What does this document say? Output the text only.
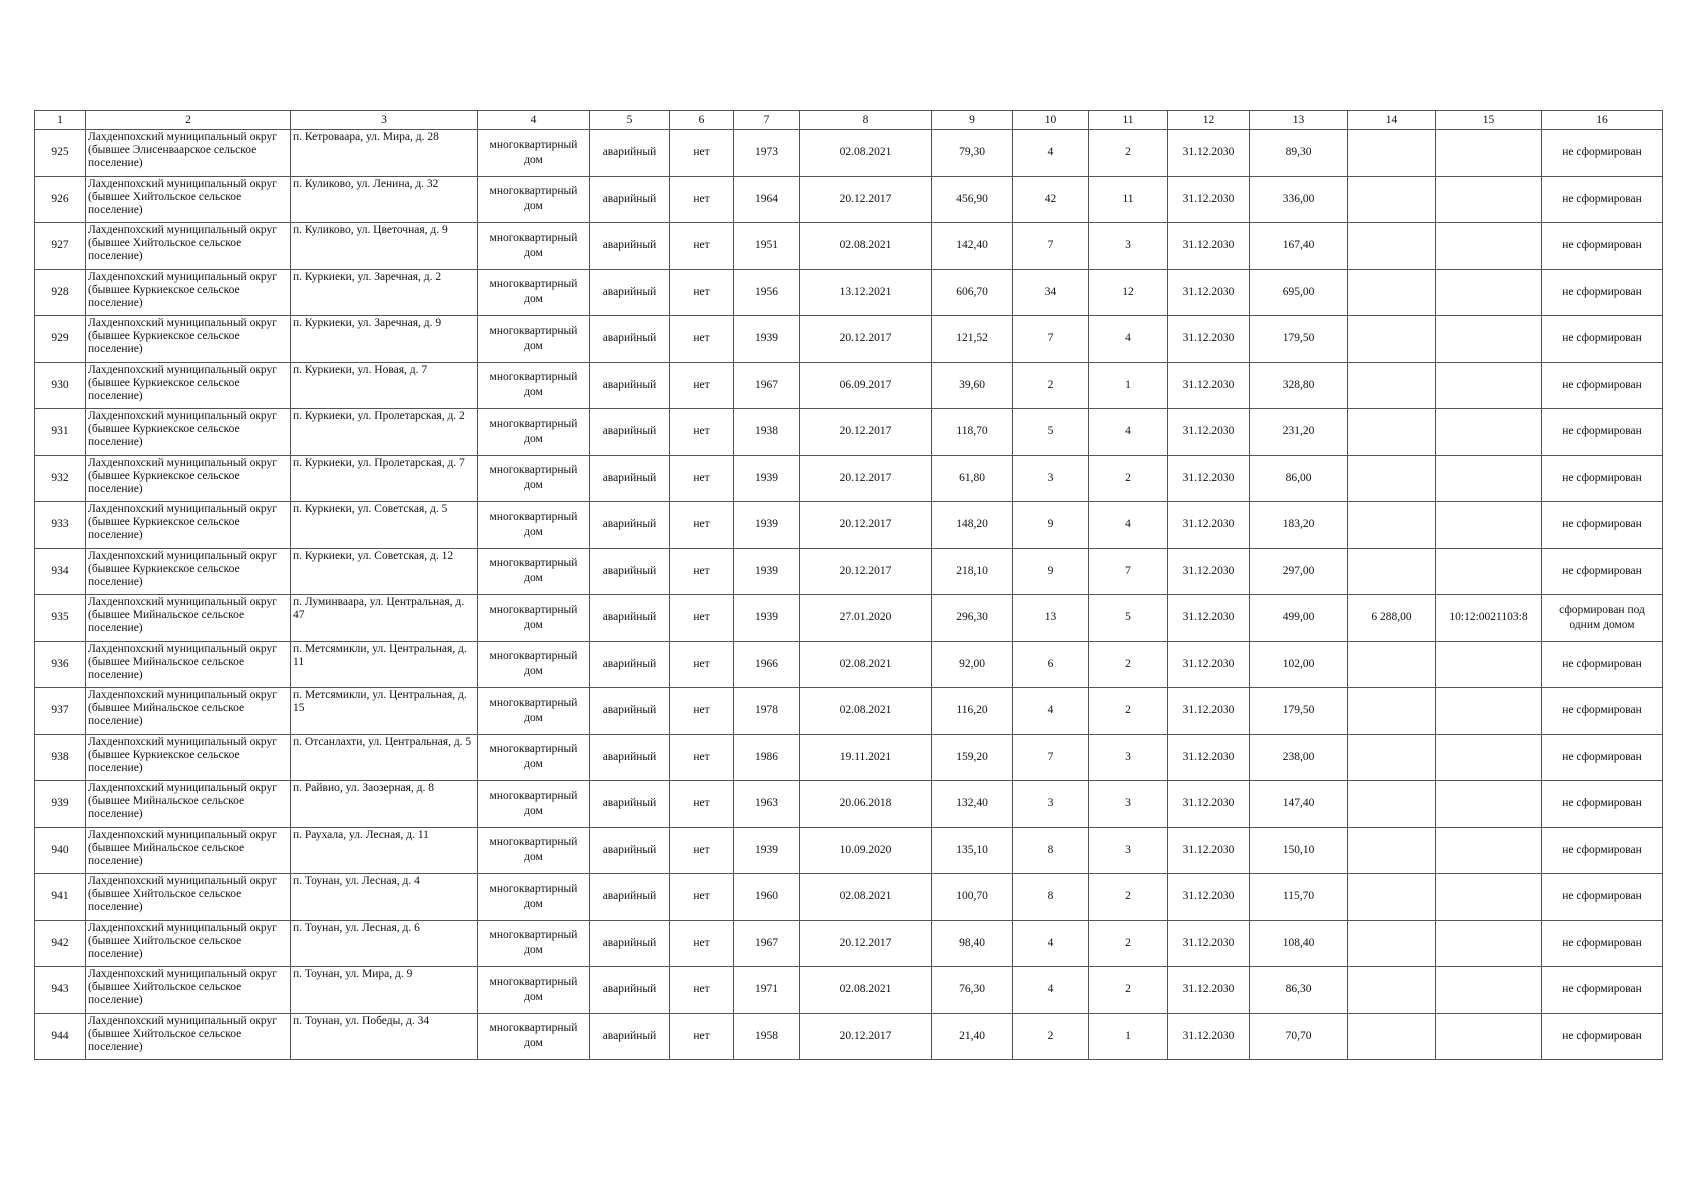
1	2	3	4	5	6	7	8	9	10	11	12	13	14	15	16
925	Лахденпохский муниципальный округ (бывшее Элисенваарское сельское поселение)	п. Кетроваара, ул. Мира, д. 28	многоквартирный дом	аварийный	нет	1973	02.08.2021	79,30	4	2	31.12.2030	89,30			не сформирован
926	Лахденпохский муниципальный округ (бывшее Хийтольское сельское поселение)	п. Куликово, ул. Ленина, д. 32	многоквартирный дом	аварийный	нет	1964	20.12.2017	456,90	42	11	31.12.2030	336,00			не сформирован
927	Лахденпохский муниципальный округ (бывшее Хийтольское сельское поселение)	п. Куликово, ул. Цветочная, д. 9	многоквартирный дом	аварийный	нет	1951	02.08.2021	142,40	7	3	31.12.2030	167,40			не сформирован
928	Лахденпохский муниципальный округ (бывшее Куркиекское сельское поселение)	п. Куркиеки, ул. Заречная, д. 2	многоквартирный дом	аварийный	нет	1956	13.12.2021	606,70	34	12	31.12.2030	695,00			не сформирован
929	Лахденпохский муниципальный округ (бывшее Куркиекское сельское поселение)	п. Куркиеки, ул. Заречная, д. 9	многоквартирный дом	аварийный	нет	1939	20.12.2017	121,52	7	4	31.12.2030	179,50			не сформирован
930	Лахденпохский муниципальный округ (бывшее Куркиекское сельское поселение)	п. Куркиеки, ул. Новая, д. 7	многоквартирный дом	аварийный	нет	1967	06.09.2017	39,60	2	1	31.12.2030	328,80			не сформирован
931	Лахденпохский муниципальный округ (бывшее Куркиекское сельское поселение)	п. Куркиеки, ул. Пролетарская, д. 2	многоквартирный дом	аварийный	нет	1938	20.12.2017	118,70	5	4	31.12.2030	231,20			не сформирован
932	Лахденпохский муниципальный округ (бывшее Куркиекское сельское поселение)	п. Куркиеки, ул. Пролетарская, д. 7	многоквартирный дом	аварийный	нет	1939	20.12.2017	61,80	3	2	31.12.2030	86,00			не сформирован
933	Лахденпохский муниципальный округ (бывшее Куркиекское сельское поселение)	п. Куркиеки, ул. Советская, д. 5	многоквартирный дом	аварийный	нет	1939	20.12.2017	148,20	9	4	31.12.2030	183,20			не сформирован
934	Лахденпохский муниципальный округ (бывшее Куркиекское сельское поселение)	п. Куркиеки, ул. Советская, д. 12	многоквартирный дом	аварийный	нет	1939	20.12.2017	218,10	9	7	31.12.2030	297,00			не сформирован
935	Лахденпохский муниципальный округ (бывшее Мийнальское сельское поселение)	п. Луминваара, ул. Центральная, д. 47	многоквартирный дом	аварийный	нет	1939	27.01.2020	296,30	13	5	31.12.2030	499,00	6 288,00	10:12:0021103:8	сформирован под одним домом
936	Лахденпохский муниципальный округ (бывшее Мийнальское сельское поселение)	п. Метсямикли, ул. Центральная, д. 11	многоквартирный дом	аварийный	нет	1966	02.08.2021	92,00	6	2	31.12.2030	102,00			не сформирован
937	Лахденпохский муниципальный округ (бывшее Мийнальское сельское поселение)	п. Метсямикли, ул. Центральная, д. 15	многоквартирный дом	аварийный	нет	1978	02.08.2021	116,20	4	2	31.12.2030	179,50			не сформирован
938	Лахденпохский муниципальный округ (бывшее Куркиекское сельское поселение)	п. Отсанлахти, ул. Центральная, д. 5	многоквартирный дом	аварийный	нет	1986	19.11.2021	159,20	7	3	31.12.2030	238,00			не сформирован
939	Лахденпохский муниципальный округ (бывшее Мийнальское сельское поселение)	п. Райвио, ул. Заозерная, д. 8	многоквартирный дом	аварийный	нет	1963	20.06.2018	132,40	3	3	31.12.2030	147,40			не сформирован
940	Лахденпохский муниципальный округ (бывшее Мийнальское сельское поселение)	п. Раухала, ул. Лесная, д. 11	многоквартирный дом	аварийный	нет	1939	10.09.2020	135,10	8	3	31.12.2030	150,10			не сформирован
941	Лахденпохский муниципальный округ (бывшее Хийтольское сельское поселение)	п. Тоунан, ул. Лесная, д. 4	многоквартирный дом	аварийный	нет	1960	02.08.2021	100,70	8	2	31.12.2030	115,70			не сформирован
942	Лахденпохский муниципальный округ (бывшее Хийтольское сельское поселение)	п. Тоунан, ул. Лесная, д. 6	многоквартирный дом	аварийный	нет	1967	20.12.2017	98,40	4	2	31.12.2030	108,40			не сформирован
943	Лахденпохский муниципальный округ (бывшее Хийтольское сельское поселение)	п. Тоунан, ул. Мира, д. 9	многоквартирный дом	аварийный	нет	1971	02.08.2021	76,30	4	2	31.12.2030	86,30			не сформирован
944	Лахденпохский муниципальный округ (бывшее Хийтольское сельское поселение)	п. Тоунан, ул. Победы, д. 34	многоквартирный дом	аварийный	нет	1958	20.12.2017	21,40	2	1	31.12.2030	70,70			не сформирован
